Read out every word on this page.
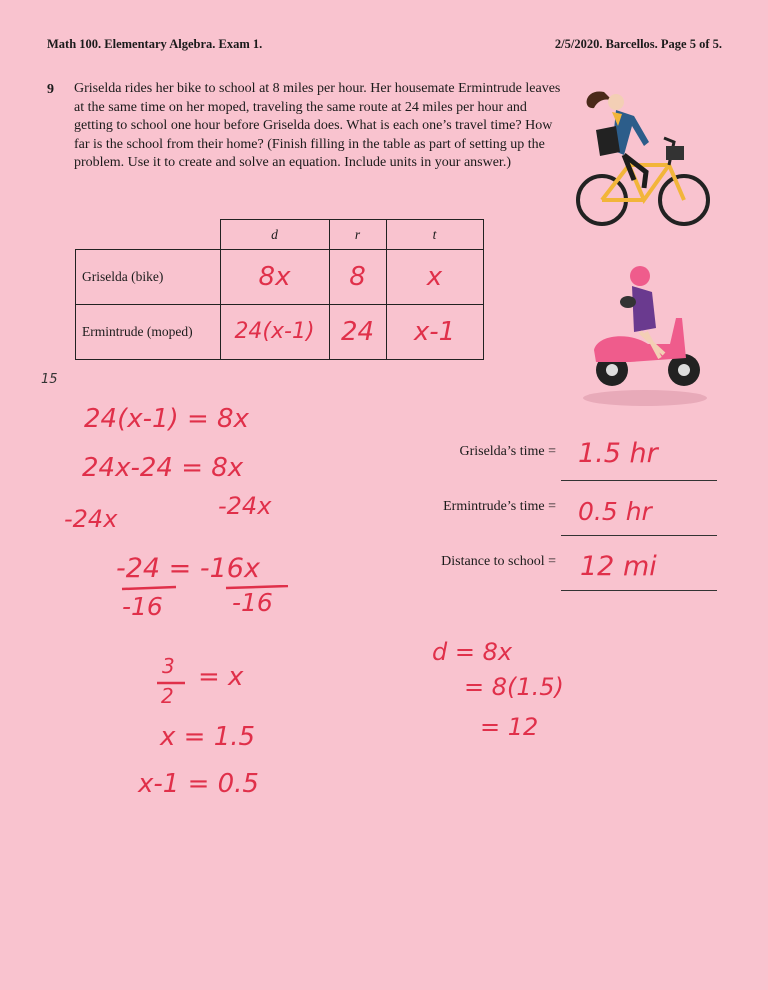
Math 100. Elementary Algebra. Exam 1.	2/5/2020. Barcellos. Page 5 of 5.
9 Griselda rides her bike to school at 8 miles per hour. Her housemate Ermintrude leaves at the same time on her moped, traveling the same route at 24 miles per hour and getting to school one hour before Griselda does. What is each one’s travel time? How far is the school from their home? (Finish filling in the table as part of setting up the problem. Use it to create and solve an equation. Include units in your answer.)
	d	r	t
Griselda (bike)	8x	8	x

Ermintrude (moped)	24(x-1)	24	x-1
15
24(x-1) = 8x
24x-24 = 8x
-24x	-24x
-24 = -16x
-16	-16
3
2
= x
x = 1.5
x-1 = 0.5
Griselda’s time = 1.5 hr
Ermintrude’s time = 0.5 hr
Distance to school = 12 mi
d = 8x
= 8(1.5)
= 12
